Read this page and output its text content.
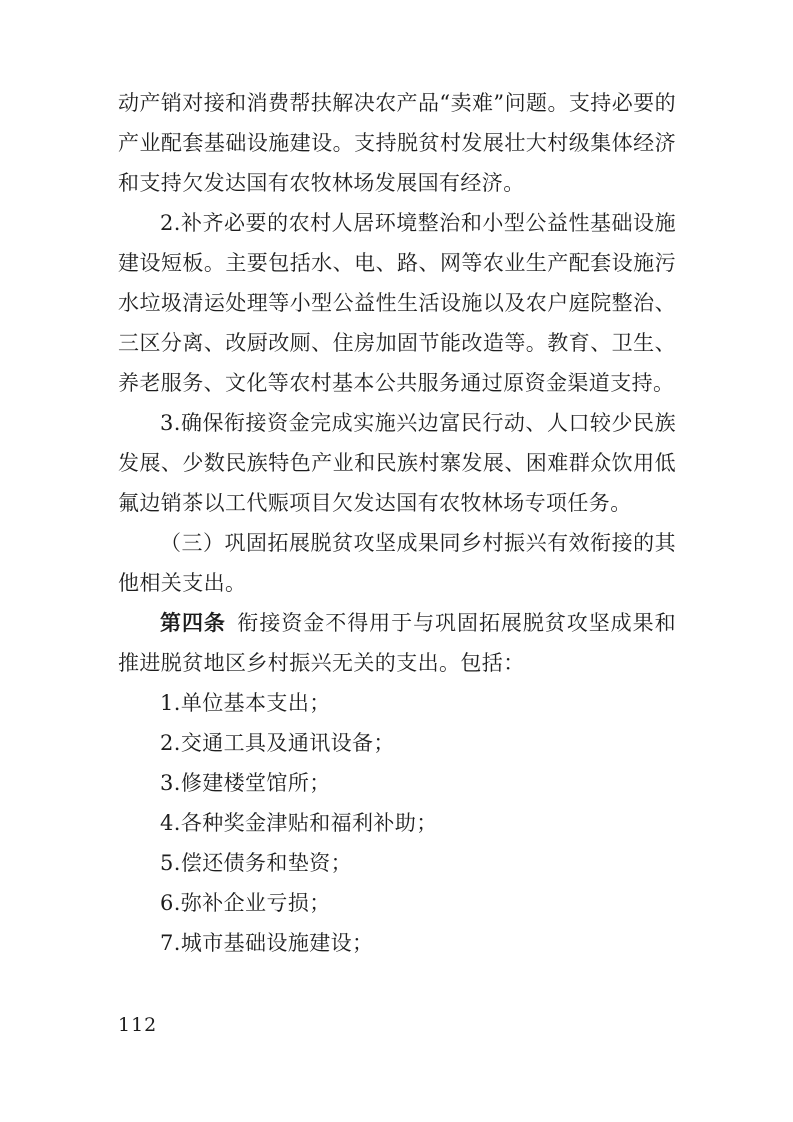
动产销对接和消费帮扶解决农产品“卖难”问题。支持必要的产业配套基础设施建设。支持脱贫村发展壮大村级集体经济和支持欠发达国有农牧林场发展国有经济。

2.补齐必要的农村人居环境整治和小型公益性基础设施建设短板。主要包括水、电、路、网等农业生产配套设施污水垃圾清运处理等小型公益性生活设施以及农户庭院整治、三区分离、改厨改厕、住房加固节能改造等。教育、卫生、养老服务、文化等农村基本公共服务通过原资金渠道支持。

3.确保衔接资金完成实施兴边富民行动、人口较少民族发展、少数民族特色产业和民族村寨发展、困难群众饮用低氟边销茶以工代赈项目欠发达国有农牧林场专项任务。

（三）巩固拓展脱贫攻坚成果同乡村振兴有效衔接的其他相关支出。

第四条 衔接资金不得用于与巩固拓展脱贫攻坚成果和推进脱贫地区乡村振兴无关的支出。包括：

1.单位基本支出；

2.交通工具及通讯设备；

3.修建楼堂馆所；

4.各种奖金津贴和福利补助；

5.偿还债务和垫资；

6.弥补企业亏损；

7.城市基础设施建设；

112
